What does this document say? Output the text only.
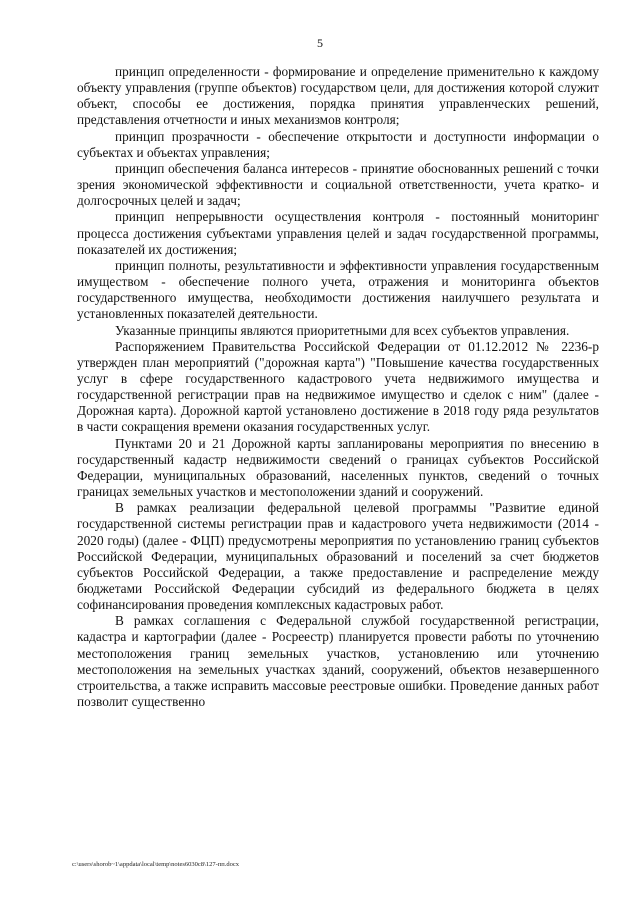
5

принцип определенности - формирование и определение применительно к каждому объекту управления (группе объектов) государством цели, для достижения которой служит объект, способы ее достижения, порядка принятия управленческих решений, представления отчетности и иных механизмов контроля;

принцип прозрачности - обеспечение открытости и доступности информации о субъектах и объектах управления;

принцип обеспечения баланса интересов - принятие обоснованных решений с точки зрения экономической эффективности и социальной ответственности, учета кратко- и долгосрочных целей и задач;

принцип непрерывности осуществления контроля - постоянный мониторинг процесса достижения субъектами управления целей и задач государственной программы, показателей их достижения;

принцип полноты, результативности и эффективности управления государственным имуществом - обеспечение полного учета, отражения и мониторинга объектов государственного имущества, необходимости достижения наилучшего результата и установленных показателей деятельности.

Указанные принципы являются приоритетными для всех субъектов управления.

Распоряжением Правительства Российской Федерации от 01.12.2012 № 2236-р утвержден план мероприятий ("дорожная карта") "Повышение качества государственных услуг в сфере государственного кадастрового учета недвижимого имущества и государственной регистрации прав на недвижимое имущество и сделок с ним" (далее - Дорожная карта). Дорожной картой установлено достижение в 2018 году ряда результатов в части сокращения времени оказания государственных услуг.

Пунктами 20 и 21 Дорожной карты запланированы мероприятия по внесению в государственный кадастр недвижимости сведений о границах субъектов Российской Федерации, муниципальных образований, населенных пунктов, сведений о точных границах земельных участков и местоположении зданий и сооружений.

В рамках реализации федеральной целевой программы "Развитие единой государственной системы регистрации прав и кадастрового учета недвижимости (2014 - 2020 годы) (далее - ФЦП) предусмотрены мероприятия по установлению границ субъектов Российской Федерации, муниципальных образований и поселений за счет бюджетов субъектов Российской Федерации, а также предоставление и распределение между бюджетами Российской Федерации субсидий из федерального бюджета в целях софинансирования проведения комплексных кадастровых работ.

В рамках соглашения с Федеральной службой государственной регистрации, кадастра и картографии (далее - Росреестр) планируется провести работы по уточнению местоположения границ земельных участков, установлению или уточнению местоположения на земельных участках зданий, сооружений, объектов незавершенного строительства, а также исправить массовые реестровые ошибки. Проведение данных работ позволит существенно

c:\users\shorob~1\appdata\local\temp\notes6030c8\127-пп.docx
